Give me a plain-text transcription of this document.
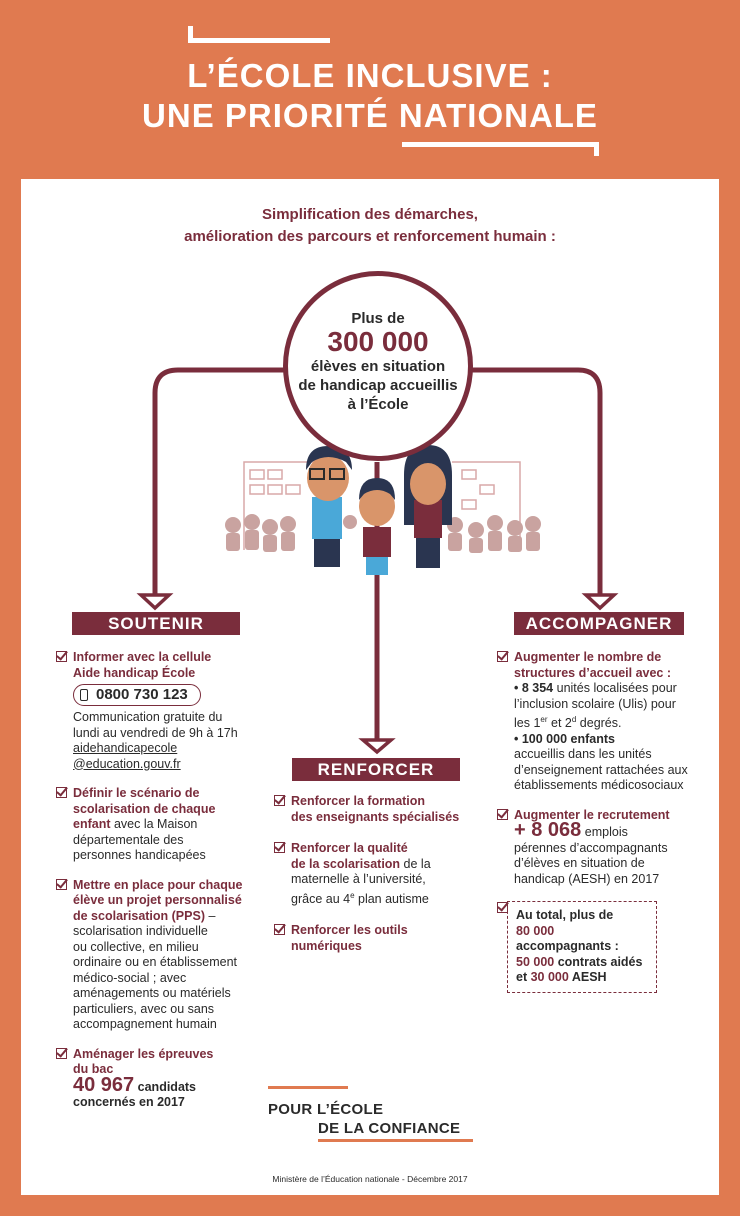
L’ÉCOLE INCLUSIVE :
UNE PRIORITÉ NATIONALE
Simplification des démarches,
amélioration des parcours et renforcement humain :
Plus de
300 000
élèves en situation
de handicap accueillis
à l’École
SOUTENIR	ACCOMPAGNER
RENFORCER
Informer avec la cellule
Aide handicap École
0800 730 123
Communication gratuite du
lundi au vendredi de 9h à 17h
aidehandicapecole
@education.gouv.fr
Définir le scénario de
scolarisation de chaque
enfant avec la Maison
départementale des
personnes handicapées
Mettre en place pour chaque
élève un projet personnalisé
de scolarisation (PPS) –
scolarisation individuelle
ou collective, en milieu
ordinaire ou en établissement
médico-social ; avec
aménagements ou matériels
particuliers, avec ou sans
accompagnement humain
Aménager les épreuves
du bac
40 967 candidats
concernés en 2017
Renforcer la formation
des enseignants spécialisés
Renforcer la qualité
de la scolarisation de la
maternelle à l’université,
grâce au 4e plan autisme
Renforcer les outils
numériques
Augmenter le nombre de
structures d’accueil avec :
• 8 354 unités localisées pour
l’inclusion scolaire (Ulis) pour
les 1er et 2$^d$ degrés.
• 100 000 enfants
accueillis dans les unités
d’enseignement rattachées aux
établissements médicosociaux
Augmenter le recrutement
+ 8 068 emplois
pérennes d’accompagnants
d’élèves en situation de
handicap (AESH) en 2017
Au total, plus de
80 000 accompagnants :
50 000 contrats aidés
et 30 000 AESH
POUR L’ÉCOLE
DE LA CONFIANCE
Ministère de l’Éducation nationale - Décembre 2017
